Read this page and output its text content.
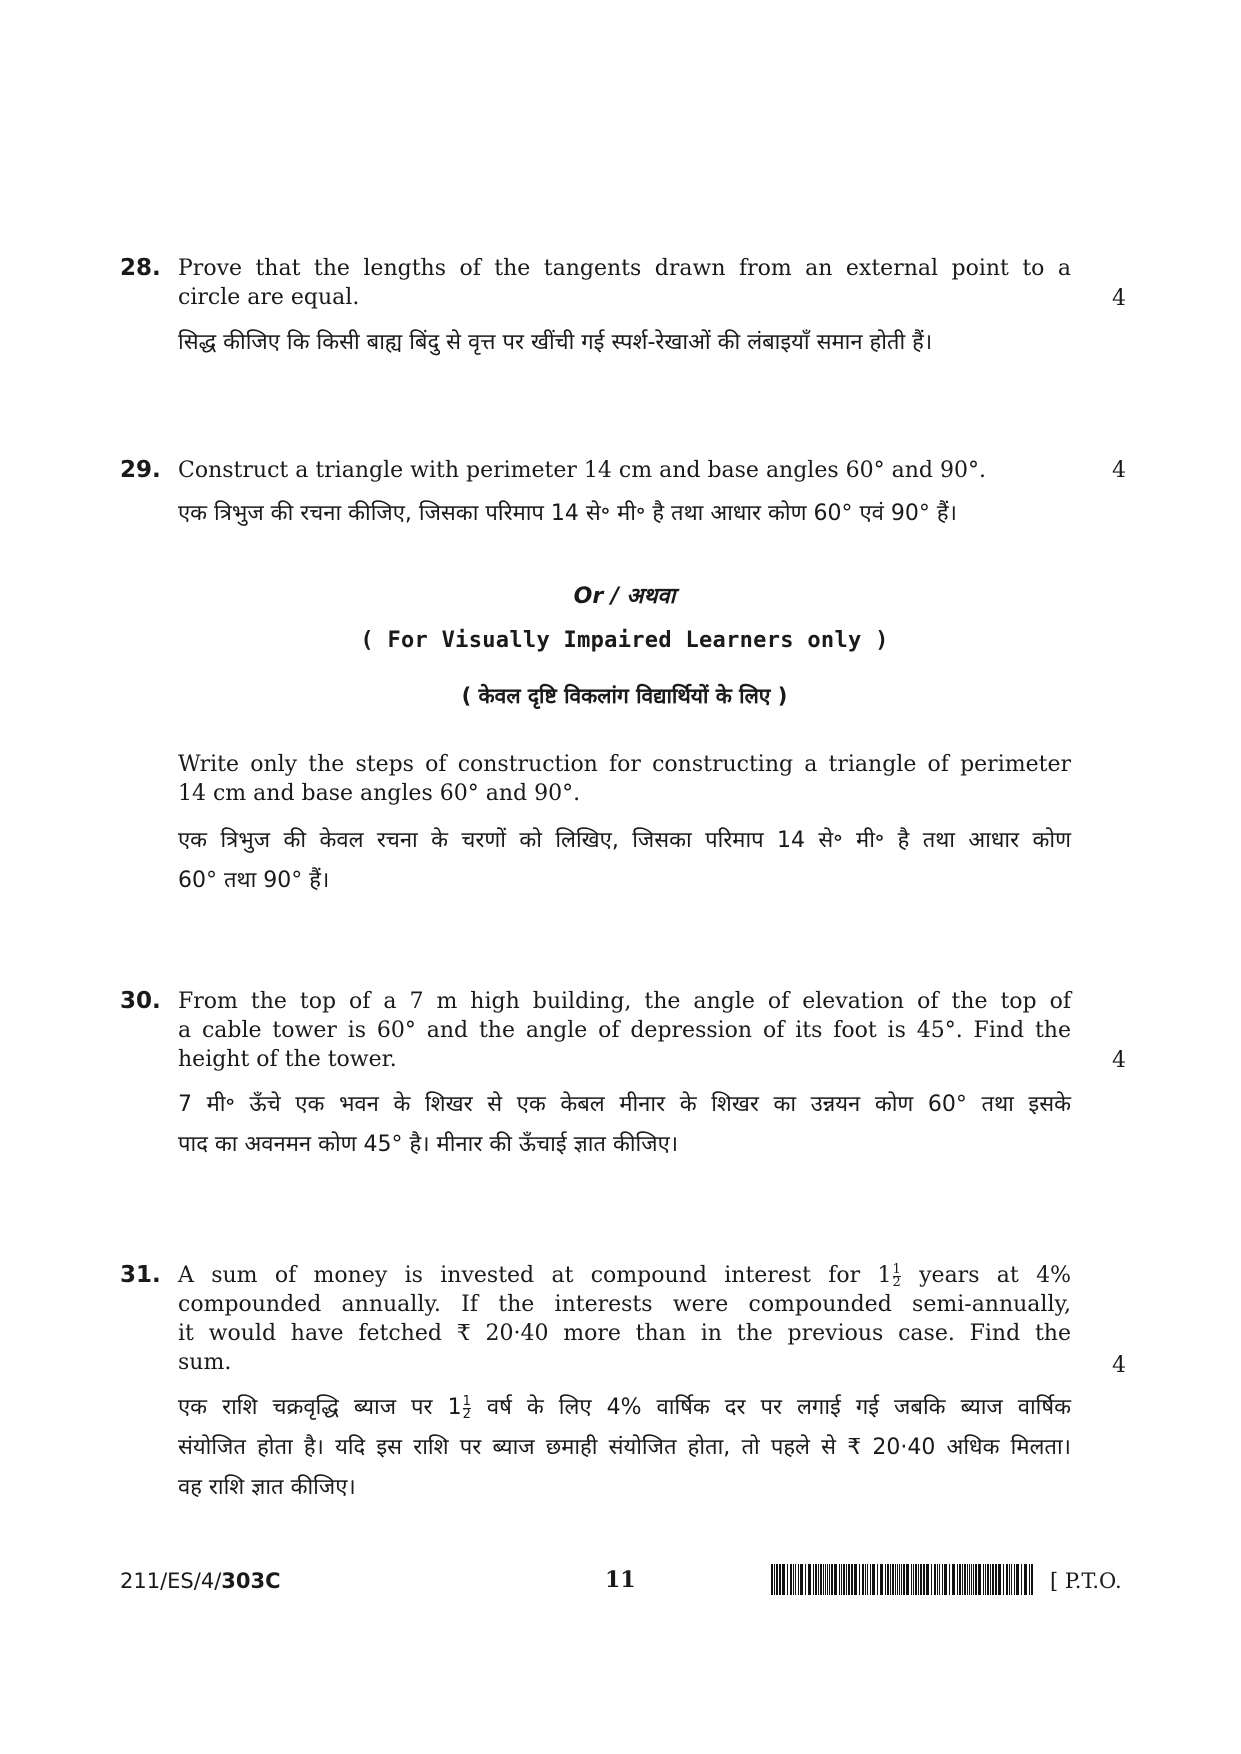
28. Prove that the lengths of the tangents drawn from an external point to a

circle are equal.

सिद्ध कीजिए कि किसी बाह्य बिंदु से वृत्त पर खींची गई स्पर्श-रेखाओं की लंबाइयाँ समान होती हैं।

4
29. Construct a triangle with perimeter 14 cm and base angles 60° and 90°.

एक त्रिभुज की रचना कीजिए, जिसका परिमाप 14 से॰ मी॰ है तथा आधार कोण 60° एवं 90° हैं।

4

Or / अथवा

( For Visually Impaired Learners only )

( केवल दृष्टि विकलांग विद्यार्थियों के लिए )

Write only the steps of construction for constructing a triangle of perimeter

14 cm and base angles 60° and 90°.

एक त्रिभुज की केवल रचना के चरणों को लिखिए, जिसका परिमाप 14 से॰ मी॰ है तथा आधार कोण

60° तथा 90° हैं।

30. From the top of a 7 m high building, the angle of elevation of the top of

a cable tower is 60° and the angle of depression of its foot is 45°. Find the

height of the tower.

7 मी॰ ऊँचे एक भवन के शिखर से एक केबल मीनार के शिखर का उन्नयन कोण 60° तथा इसके

पाद का अवनमन कोण 45° है। मीनार की ऊँचाई ज्ञात कीजिए।

4
31. A sum of money is invested at compound interest for $1 \frac{1}{2}$ years at 4%

compounded annually. If the interests were compounded semi-annually,

it would have fetched ₹ 20·40 more than in the previous case. Find the

sum.

एक राशि चक्रवृद्धि ब्याज पर $1 \frac{1}{2}$ वर्ष के लिए 4% वार्षिक दर पर लगाई गई जबकि ब्याज वार्षिक

संयोजित होता है। यदि इस राशि पर ब्याज छमाही संयोजित होता, तो पहले से ₹ 20·40 अधिक मिलता।

वह राशि ज्ञात कीजिए।

4
211/ES/4/303C	11	[ P.T.O.
